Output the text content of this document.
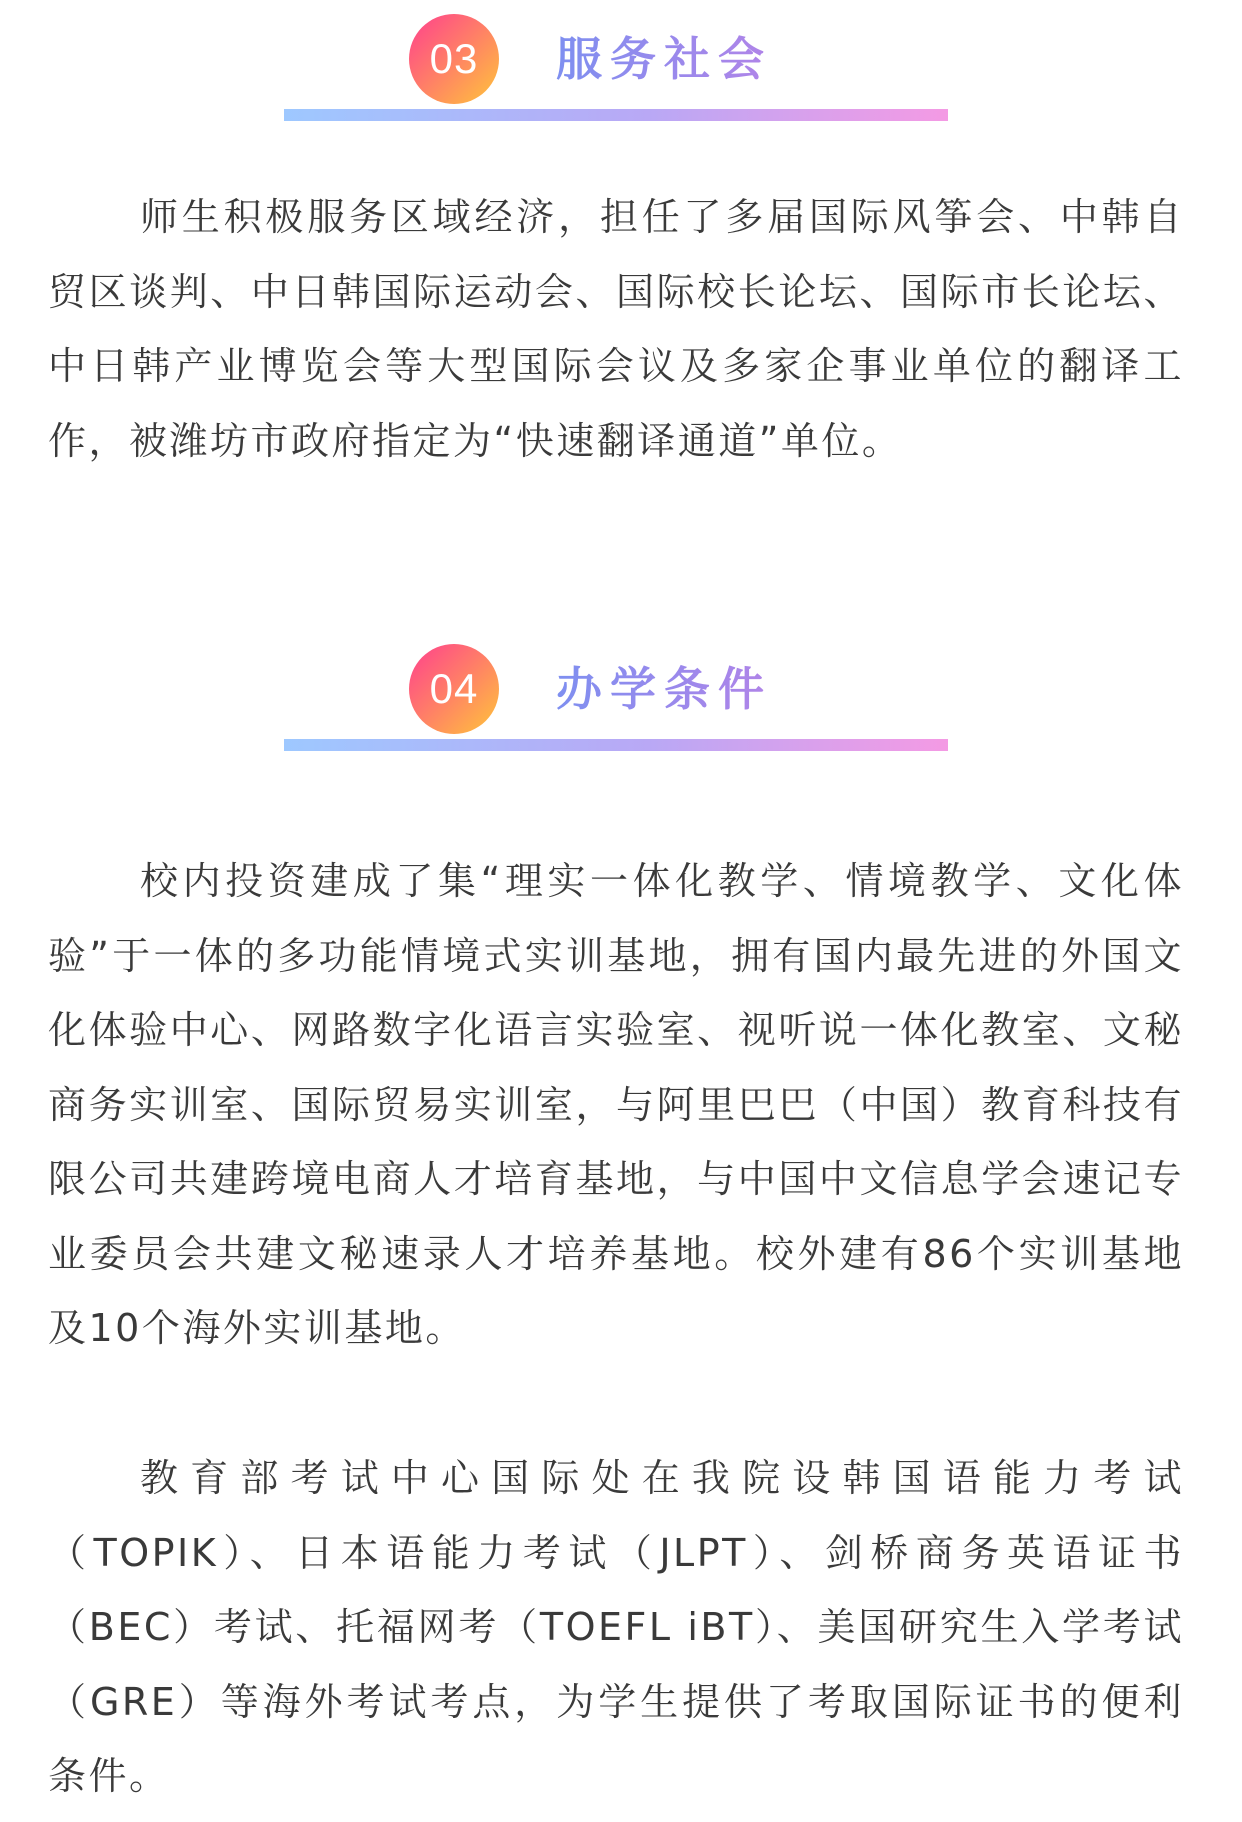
03 服务社会

师生积极服务区域经济，担任了多届国际风筝会、中韩自贸区谈判、中日韩国际运动会、国际校长论坛、国际市长论坛、中日韩产业博览会等大型国际会议及多家企事业单位的翻译工作，被潍坊市政府指定为“快速翻译通道”单位。

04 办学条件

校内投资建成了集“理实一体化教学、情境教学、文化体验”于一体的多功能情境式实训基地，拥有国内最先进的外国文化体验中心、网路数字化语言实验室、视听说一体化教室、文秘商务实训室、国际贸易实训室，与阿里巴巴（中国）教育科技有限公司共建跨境电商人才培育基地，与中国中文信息学会速记专业委员会共建文秘速录人才培养基地。校外建有86个实训基地及10个海外实训基地。

教育部考试中心国际处在我院设韩国语能力考试（TOPIK）、日本语能力考试（JLPT）、剑桥商务英语证书（BEC）考试、托福网考（TOEFL iBT）、美国研究生入学考试（GRE）等海外考试考点，为学生提供了考取国际证书的便利条件。
